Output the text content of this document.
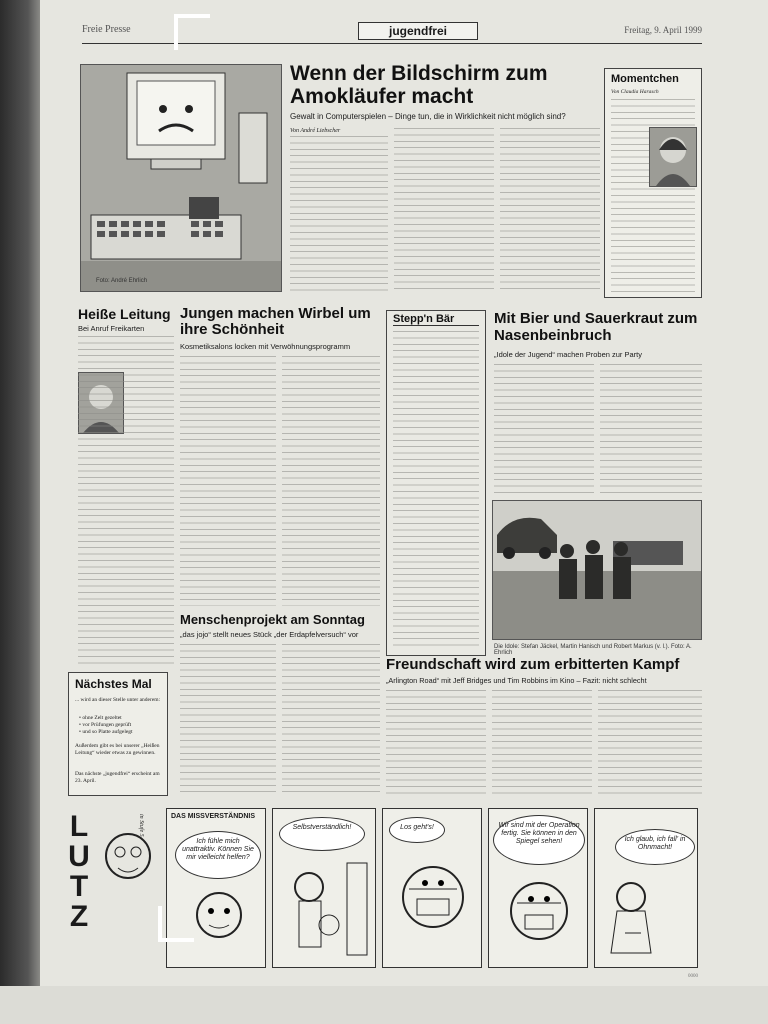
Freie Presse	jugendfrei	Freitag, 9. April 1999
Foto: André Ehrlich
Wenn der Bildschirm zum Amokläufer macht
Gewalt in Computerspielen – Dinge tun, die in Wirklichkeit nicht möglich sind?
Von André Liebscher
Momentchen
Von Claudia Harasch
Heiße Leitung
Bei Anruf Freikarten
Nächstes Mal
... wird an dieser Stelle unter anderem:
• ohne Zelt gezeltet
• vor Prüfungen geprüft
• und so Platte aufgelegt
Außerdem gibt es bei unserer „Heißen Leitung“ wieder etwas zu gewinnen.
Das nächste „jugendfrei“ erscheint am 23. April.
Jungen machen Wirbel um ihre Schönheit
Kosmetiksalons locken mit Verwöhnungsprogramm
Menschenprojekt am Sonntag
„das jojo“ stellt neues Stück „der Erdapfelversuch“ vor
Stepp'n Bär	Mit Bier und Sauerkraut zum Nasenbeinbruch
„Idole der Jugend“ machen Proben zur Party
Die Idole: Stefan Jäckel, Martin Hanisch und Robert Markus (v. l.). Foto: A. Ehrlich
Freundschaft wird zum erbitterten Kampf
„Arlington Road“ mit Jeff Bridges und Tim Robbins im Kino – Fazit: nicht schlecht
LUTZ
in Stufe 5	DAS MISSVERSTÄNDNIS
Ich fühle mich unattraktiv. Können Sie mir vielleicht helfen?
Selbstverständlich!	Los geht's!	Wir sind mit der Operation fertig. Sie können in den Spiegel sehen!	Ich glaub, ich fall' in Ohnmacht!
0000
